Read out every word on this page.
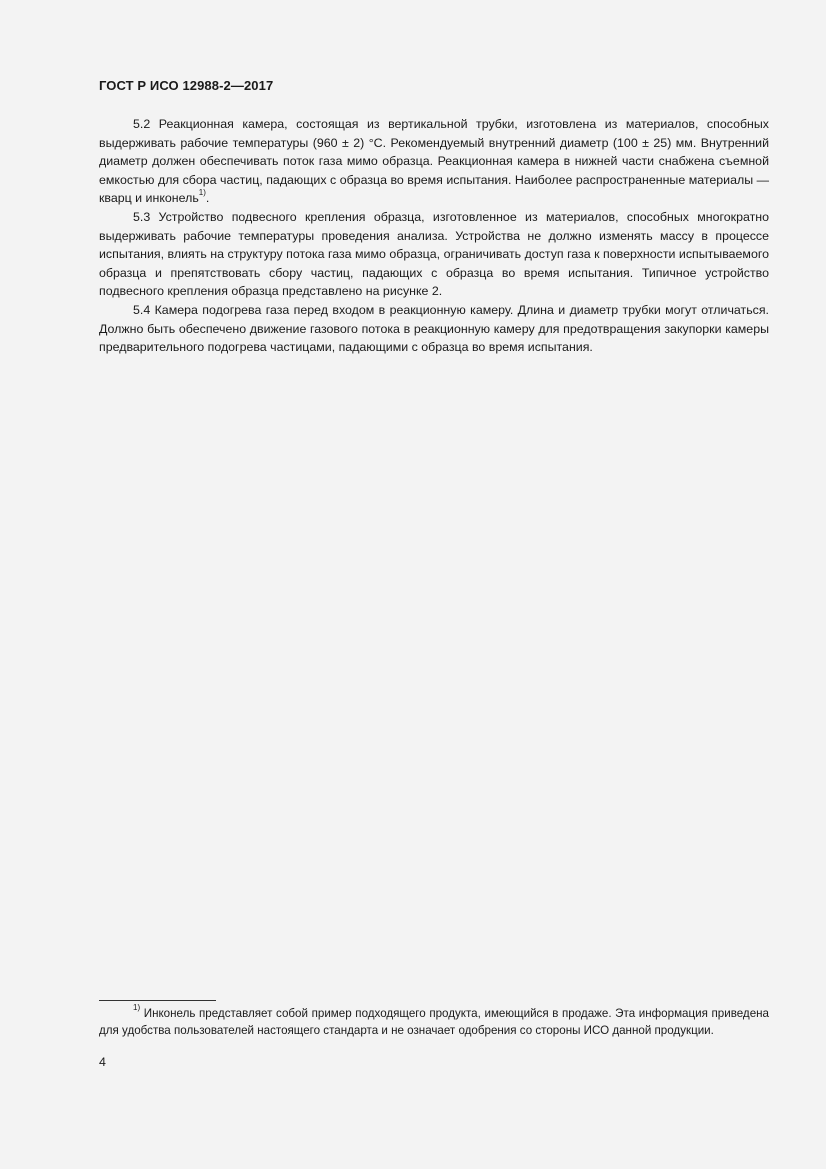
ГОСТ Р ИСО 12988-2—2017

5.2 Реакционная камера, состоящая из вертикальной трубки, изготовлена из материалов, способных выдерживать рабочие температуры (960 ± 2) °С. Рекомендуемый внутренний диаметр (100 ± 25) мм. Внутренний диаметр должен обеспечивать поток газа мимо образца. Реакционная камера в нижней части снабжена съемной емкостью для сбора частиц, падающих с образца во время испытания. Наиболее распространенные материалы — кварц и инконель$^{1)}$.

5.3 Устройство подвесного крепления образца, изготовленное из материалов, способных многократно выдерживать рабочие температуры проведения анализа. Устройства не должно изменять массу в процессе испытания, влиять на структуру потока газа мимо образца, ограничивать доступ газа к поверхности испытываемого образца и препятствовать сбору частиц, падающих с образца во время испытания. Типичное устройство подвесного крепления образца представлено на рисунке 2.

5.4 Камера подогрева газа перед входом в реакционную камеру. Длина и диаметр трубки могут отличаться. Должно быть обеспечено движение газового потока в реакционную камеру для предотвращения закупорки камеры предварительного подогрева частицами, падающими с образца во время испытания.

$^{1)}$ Инконель представляет собой пример подходящего продукта, имеющийся в продаже. Эта информация приведена для удобства пользователей настоящего стандарта и не означает одобрения со стороны ИСО данной продукции.

4
